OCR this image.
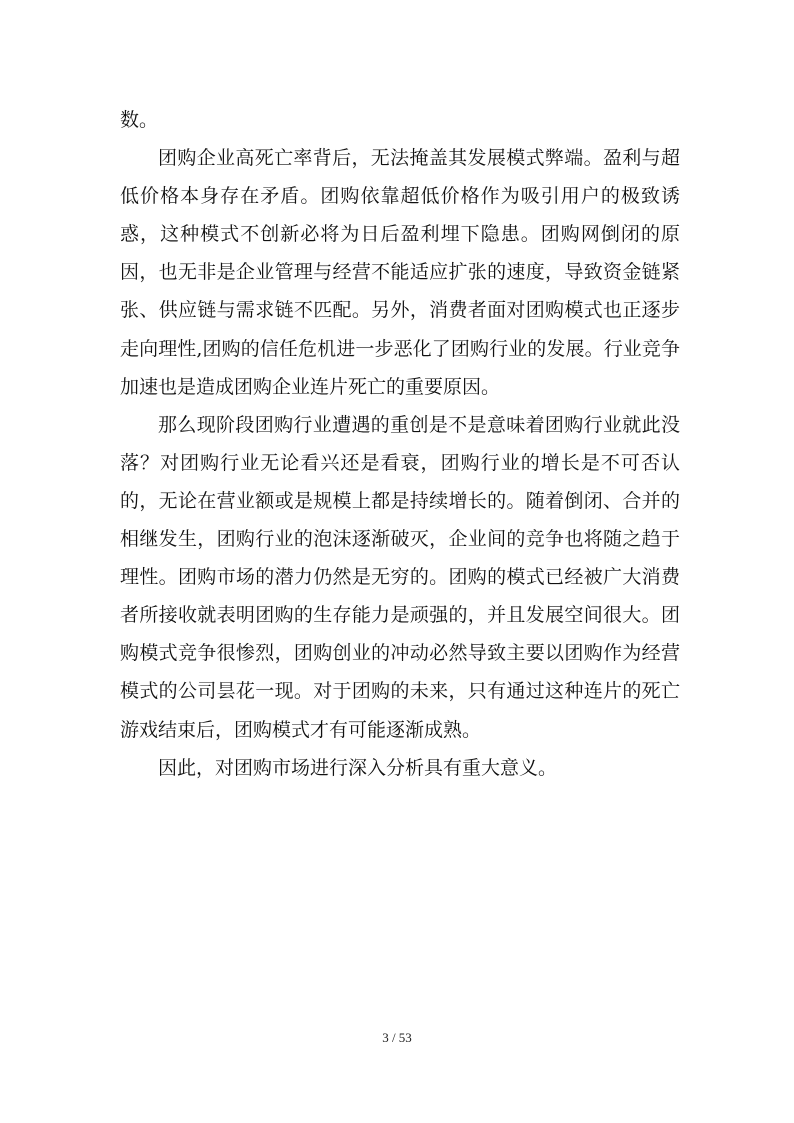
数。

团购企业高死亡率背后，无法掩盖其发展模式弊端。盈利与超低价格本身存在矛盾。团购依靠超低价格作为吸引用户的极致诱惑，这种模式不创新必将为日后盈利埋下隐患。团购网倒闭的原因，也无非是企业管理与经营不能适应扩张的速度，导致资金链紧张、供应链与需求链不匹配。另外，消费者面对团购模式也正逐步走向理性,团购的信任危机进一步恶化了团购行业的发展。行业竞争加速也是造成团购企业连片死亡的重要原因。

那么现阶段团购行业遭遇的重创是不是意味着团购行业就此没落？对团购行业无论看兴还是看衰，团购行业的增长是不可否认的，无论在营业额或是规模上都是持续增长的。随着倒闭、合并的相继发生，团购行业的泡沫逐渐破灭，企业间的竞争也将随之趋于理性。团购市场的潜力仍然是无穷的。团购的模式已经被广大消费者所接收就表明团购的生存能力是顽强的，并且发展空间很大。团购模式竞争很惨烈，团购创业的冲动必然导致主要以团购作为经营模式的公司昙花一现。对于团购的未来，只有通过这种连片的死亡游戏结束后，团购模式才有可能逐渐成熟。

因此，对团购市场进行深入分析具有重大意义。

3 / 53
